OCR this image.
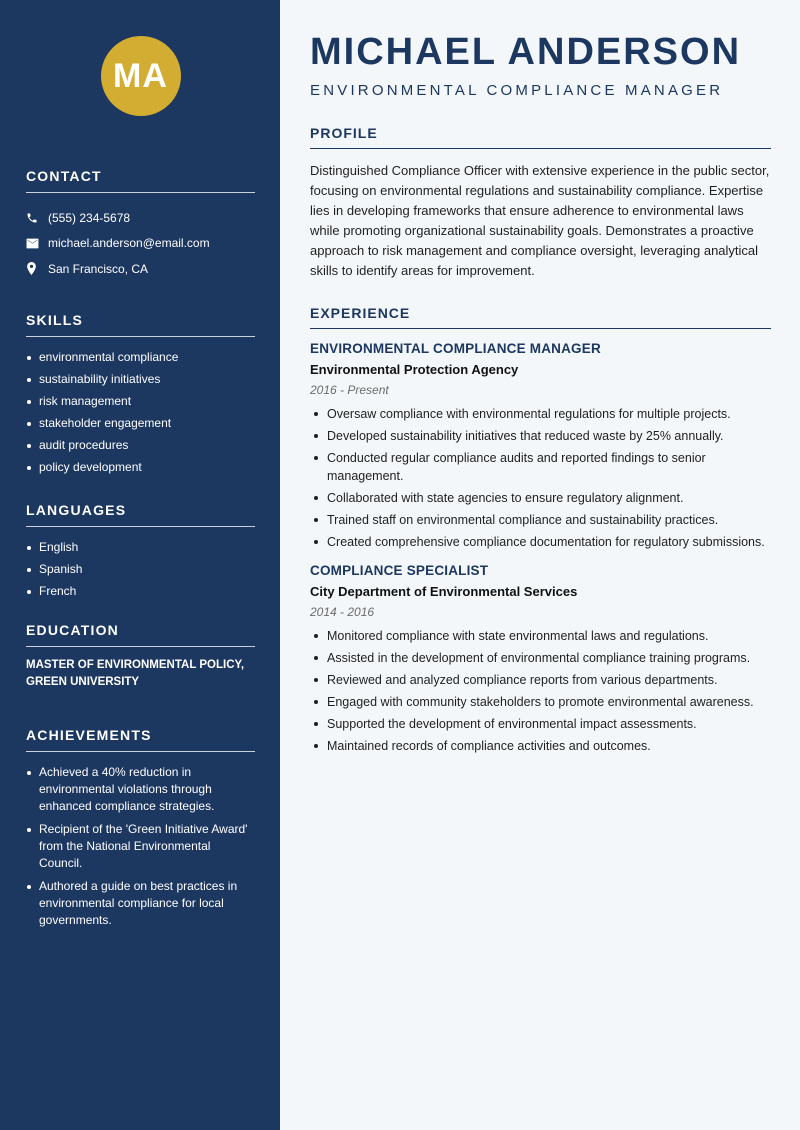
MA
CONTACT
(555) 234-5678
michael.anderson@email.com
San Francisco, CA
SKILLS
environmental compliance
sustainability initiatives
risk management
stakeholder engagement
audit procedures
policy development
LANGUAGES
English
Spanish
French
EDUCATION
MASTER OF ENVIRONMENTAL POLICY, GREEN UNIVERSITY
ACHIEVEMENTS
Achieved a 40% reduction in environmental violations through enhanced compliance strategies.
Recipient of the 'Green Initiative Award' from the National Environmental Council.
Authored a guide on best practices in environmental compliance for local governments.
MICHAEL ANDERSON
ENVIRONMENTAL COMPLIANCE MANAGER
PROFILE

Distinguished Compliance Officer with extensive experience in the public sector, focusing on environmental regulations and sustainability compliance. Expertise lies in developing frameworks that ensure adherence to environmental laws while promoting organizational sustainability goals. Demonstrates a proactive approach to risk management and compliance oversight, leveraging analytical skills to identify areas for improvement.

EXPERIENCE
ENVIRONMENTAL COMPLIANCE MANAGER
Environmental Protection Agency
2016 - Present
Oversaw compliance with environmental regulations for multiple projects.
Developed sustainability initiatives that reduced waste by 25% annually.
Conducted regular compliance audits and reported findings to senior management.
Collaborated with state agencies to ensure regulatory alignment.
Trained staff on environmental compliance and sustainability practices.
Created comprehensive compliance documentation for regulatory submissions.
COMPLIANCE SPECIALIST
City Department of Environmental Services
2014 - 2016
Monitored compliance with state environmental laws and regulations.
Assisted in the development of environmental compliance training programs.
Reviewed and analyzed compliance reports from various departments.
Engaged with community stakeholders to promote environmental awareness.
Supported the development of environmental impact assessments.
Maintained records of compliance activities and outcomes.
